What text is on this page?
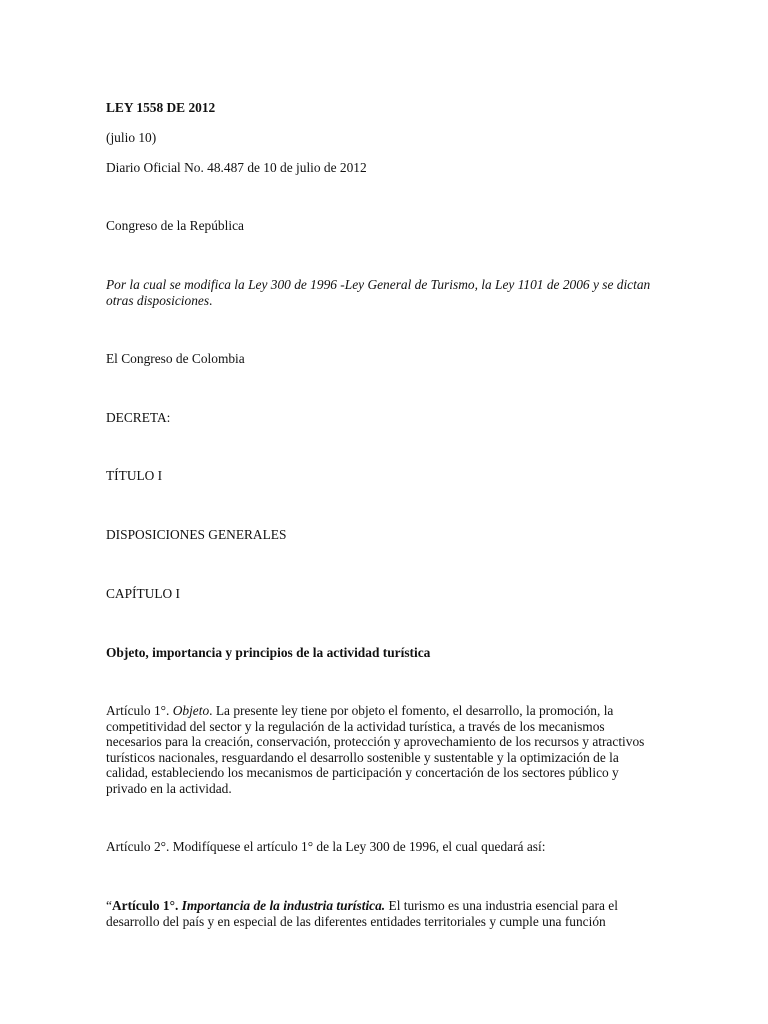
LEY 1558 DE 2012

(julio 10)

Diario Oficial No. 48.487 de 10 de julio de 2012

Congreso de la República

Por la cual se modifica la Ley 300 de 1996 -Ley General de Turismo, la Ley 1101 de 2006 y se dictan otras disposiciones.

El Congreso de Colombia

DECRETA:

TÍTULO I

DISPOSICIONES GENERALES

CAPÍTULO I

Objeto, importancia y principios de la actividad turística

Artículo 1°. Objeto. La presente ley tiene por objeto el fomento, el desarrollo, la promoción, la competitividad del sector y la regulación de la actividad turística, a través de los mecanismos necesarios para la creación, conservación, protección y aprovechamiento de los recursos y atractivos turísticos nacionales, resguardando el desarrollo sostenible y sustentable y la optimización de la calidad, estableciendo los mecanismos de participación y concertación de los sectores público y privado en la actividad.

Artículo 2°. Modifíquese el artículo 1° de la Ley 300 de 1996, el cual quedará así:

“Artículo 1°. Importancia de la industria turística. El turismo es una industria esencial para el desarrollo del país y en especial de las diferentes entidades territoriales y cumple una función
